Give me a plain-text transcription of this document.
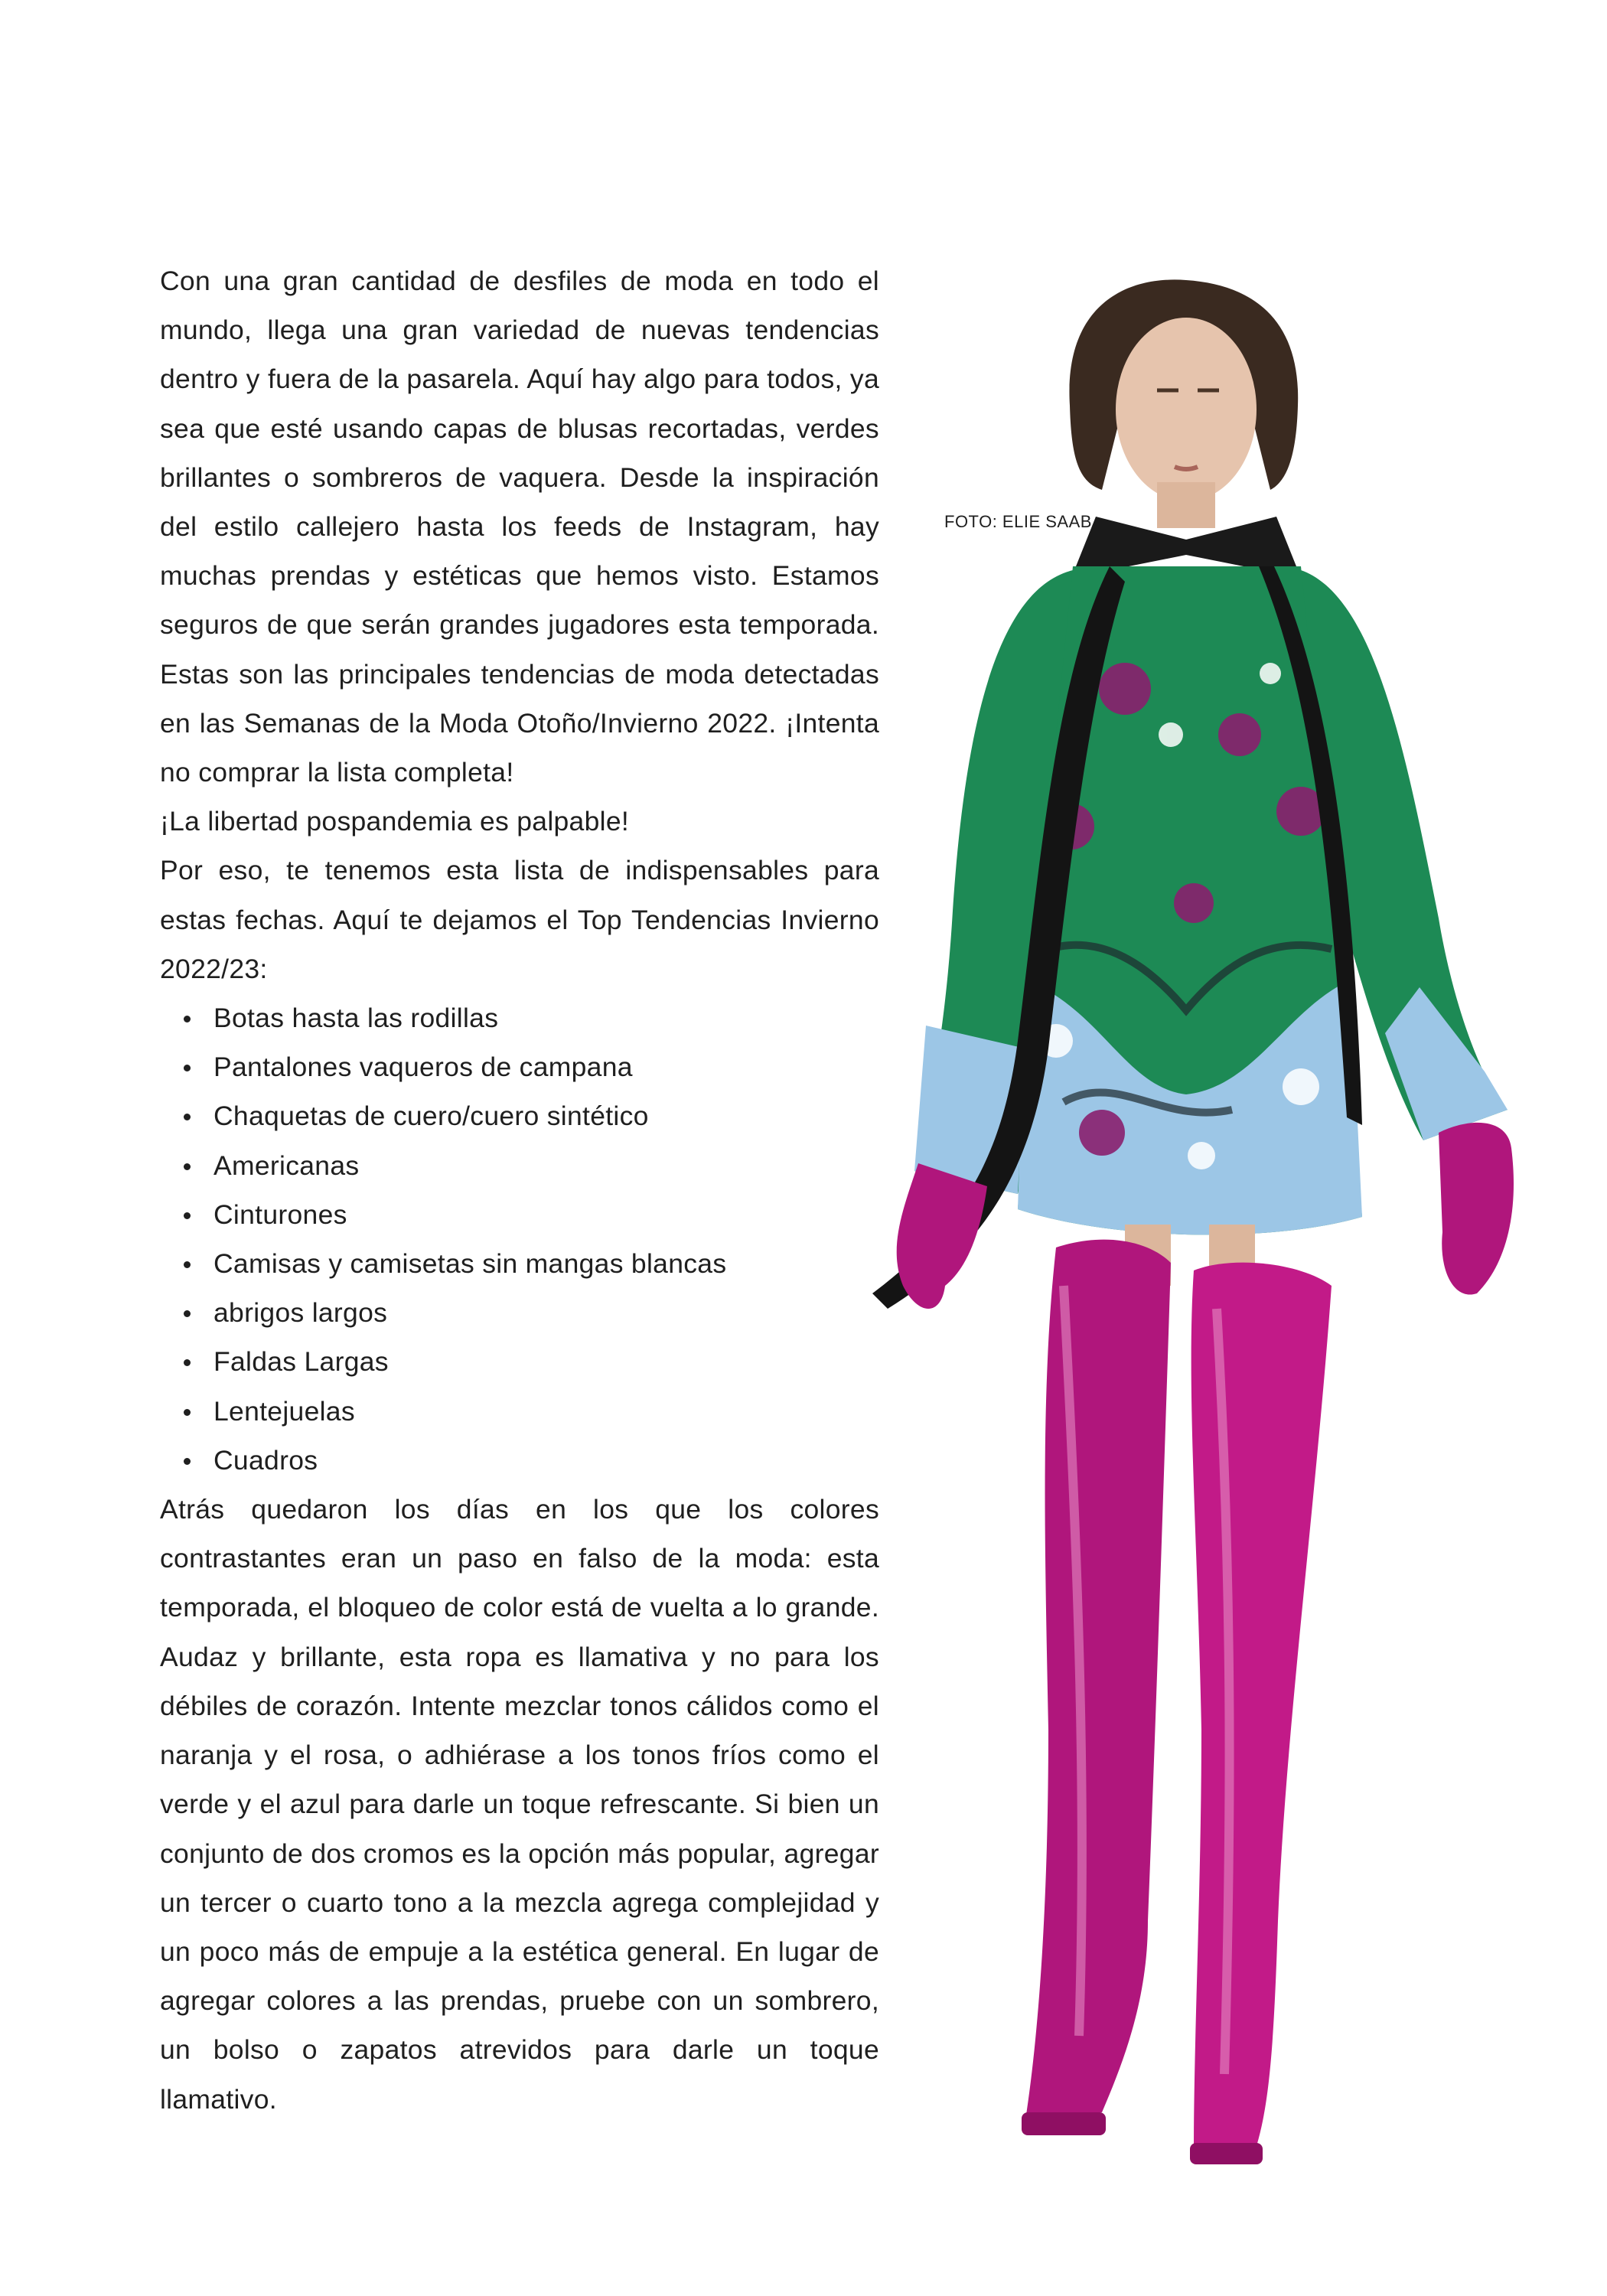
Con una gran cantidad de desfiles de moda en todo el mundo, llega una gran variedad de nuevas tendencias dentro y fuera de la pasarela. Aquí hay algo para todos, ya sea que esté usando capas de blusas recortadas, verdes brillantes o sombreros de vaquera. Desde la inspiración del estilo callejero hasta los feeds de Instagram, hay muchas prendas y estéticas que hemos visto. Estamos seguros de que serán grandes jugadores esta temporada. Estas son las principales tendencias de moda detectadas en las Semanas de la Moda Otoño/Invierno 2022. ¡Intenta no comprar la lista completa!

¡La libertad pospandemia es palpable!

Por eso, te tenemos esta lista de indispensables para estas fechas. Aquí te dejamos el Top Tendencias Invierno 2022/23:

Botas hasta las rodillas
Pantalones vaqueros de campana
Chaquetas de cuero/cuero sintético
Americanas
Cinturones
Camisas y camisetas sin mangas blancas
abrigos largos
Faldas Largas
Lentejuelas
Cuadros

Atrás quedaron los días en los que los colores contrastantes eran un paso en falso de la moda: esta temporada, el bloqueo de color está de vuelta a lo grande. Audaz y brillante, esta ropa es llamativa y no para los débiles de corazón. Intente mezclar tonos cálidos como el naranja y el rosa, o adhiérase a los tonos fríos como el verde y el azul para darle un toque refrescante. Si bien un conjunto de dos cromos es la opción más popular, agregar un tercer o cuarto tono a la mezcla agrega complejidad y un poco más de empuje a la estética general. En lugar de agregar colores a las prendas, pruebe con un sombrero, un bolso o zapatos atrevidos para darle un toque llamativo.

FOTO: ELIE SAAB
